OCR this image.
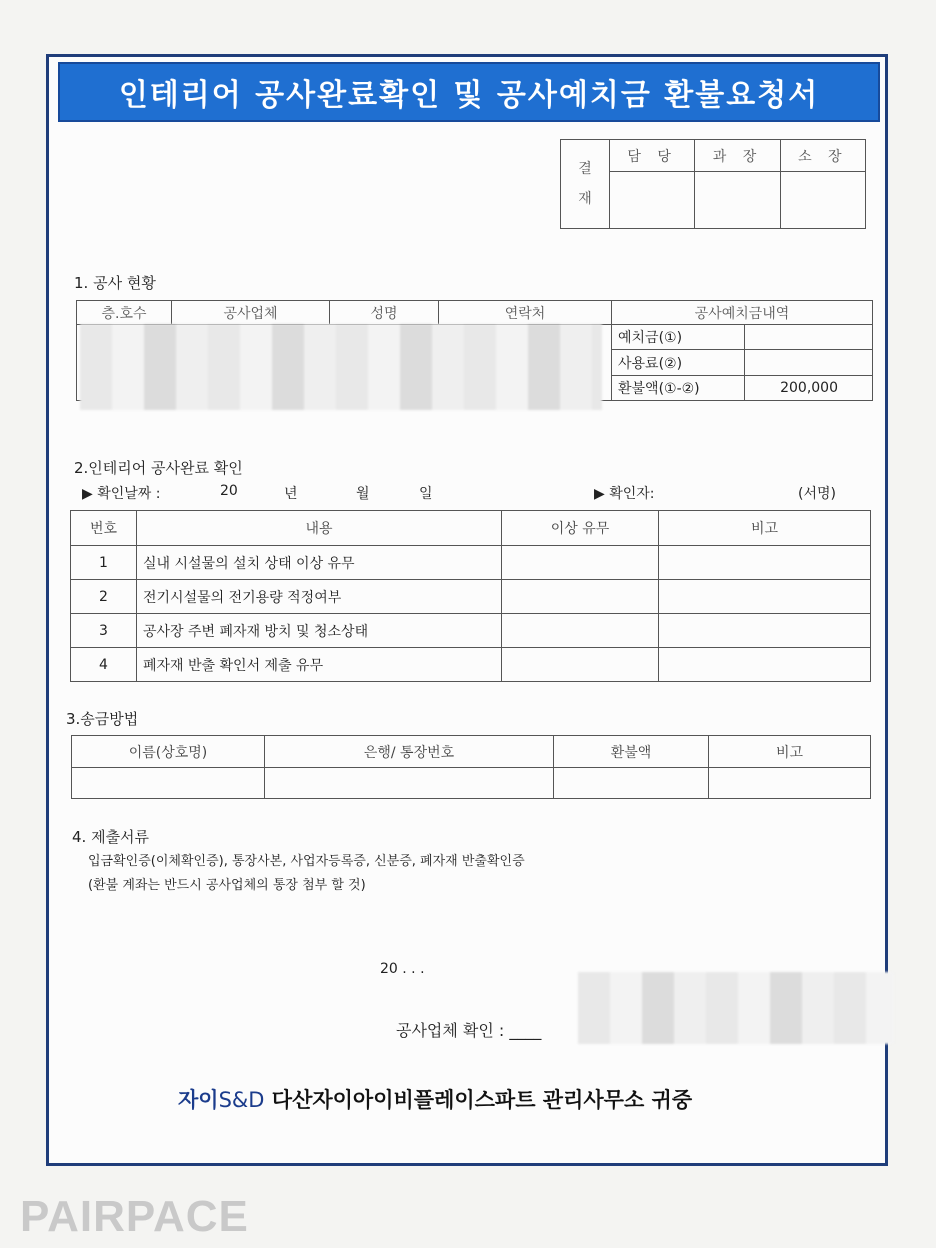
인테리어 공사완료확인 및 공사예치금 환불요청서
결
재	담 당	과 장	소 장

1. 공사 현황
층.호수	공사업체	성명	연락처	공사예치금내역	
				예치금(①)	
				사용료(②)	
				환불액(①-②)	200,000
2.인테리어 공사완료 확인
▶ 확인날짜 :	20	년	월	일	▶ 확인자:	(서명)
번호	내용	이상 유무	비고
1	실내 시설물의 설치 상태 이상 유무		
2	전기시설물의 전기용량 적정여부		
3	공사장 주변 폐자재 방치 및 청소상태		
4	폐자재 반출 확인서 제출 유무		
3.송금방법
이름(상호명)	은행/ 통장번호	환불액	비고

4. 제출서류
입금확인증(이체확인증), 통장사본, 사업자등록증, 신분증, 폐자재 반출확인증
(환불 계좌는 반드시 공사업체의 통장 첨부 할 것)
20 . . .
공사업체 확인 : ____
자이S&D 다산자이아이비플레이스파트 관리사무소 귀중
PAIRPACE
